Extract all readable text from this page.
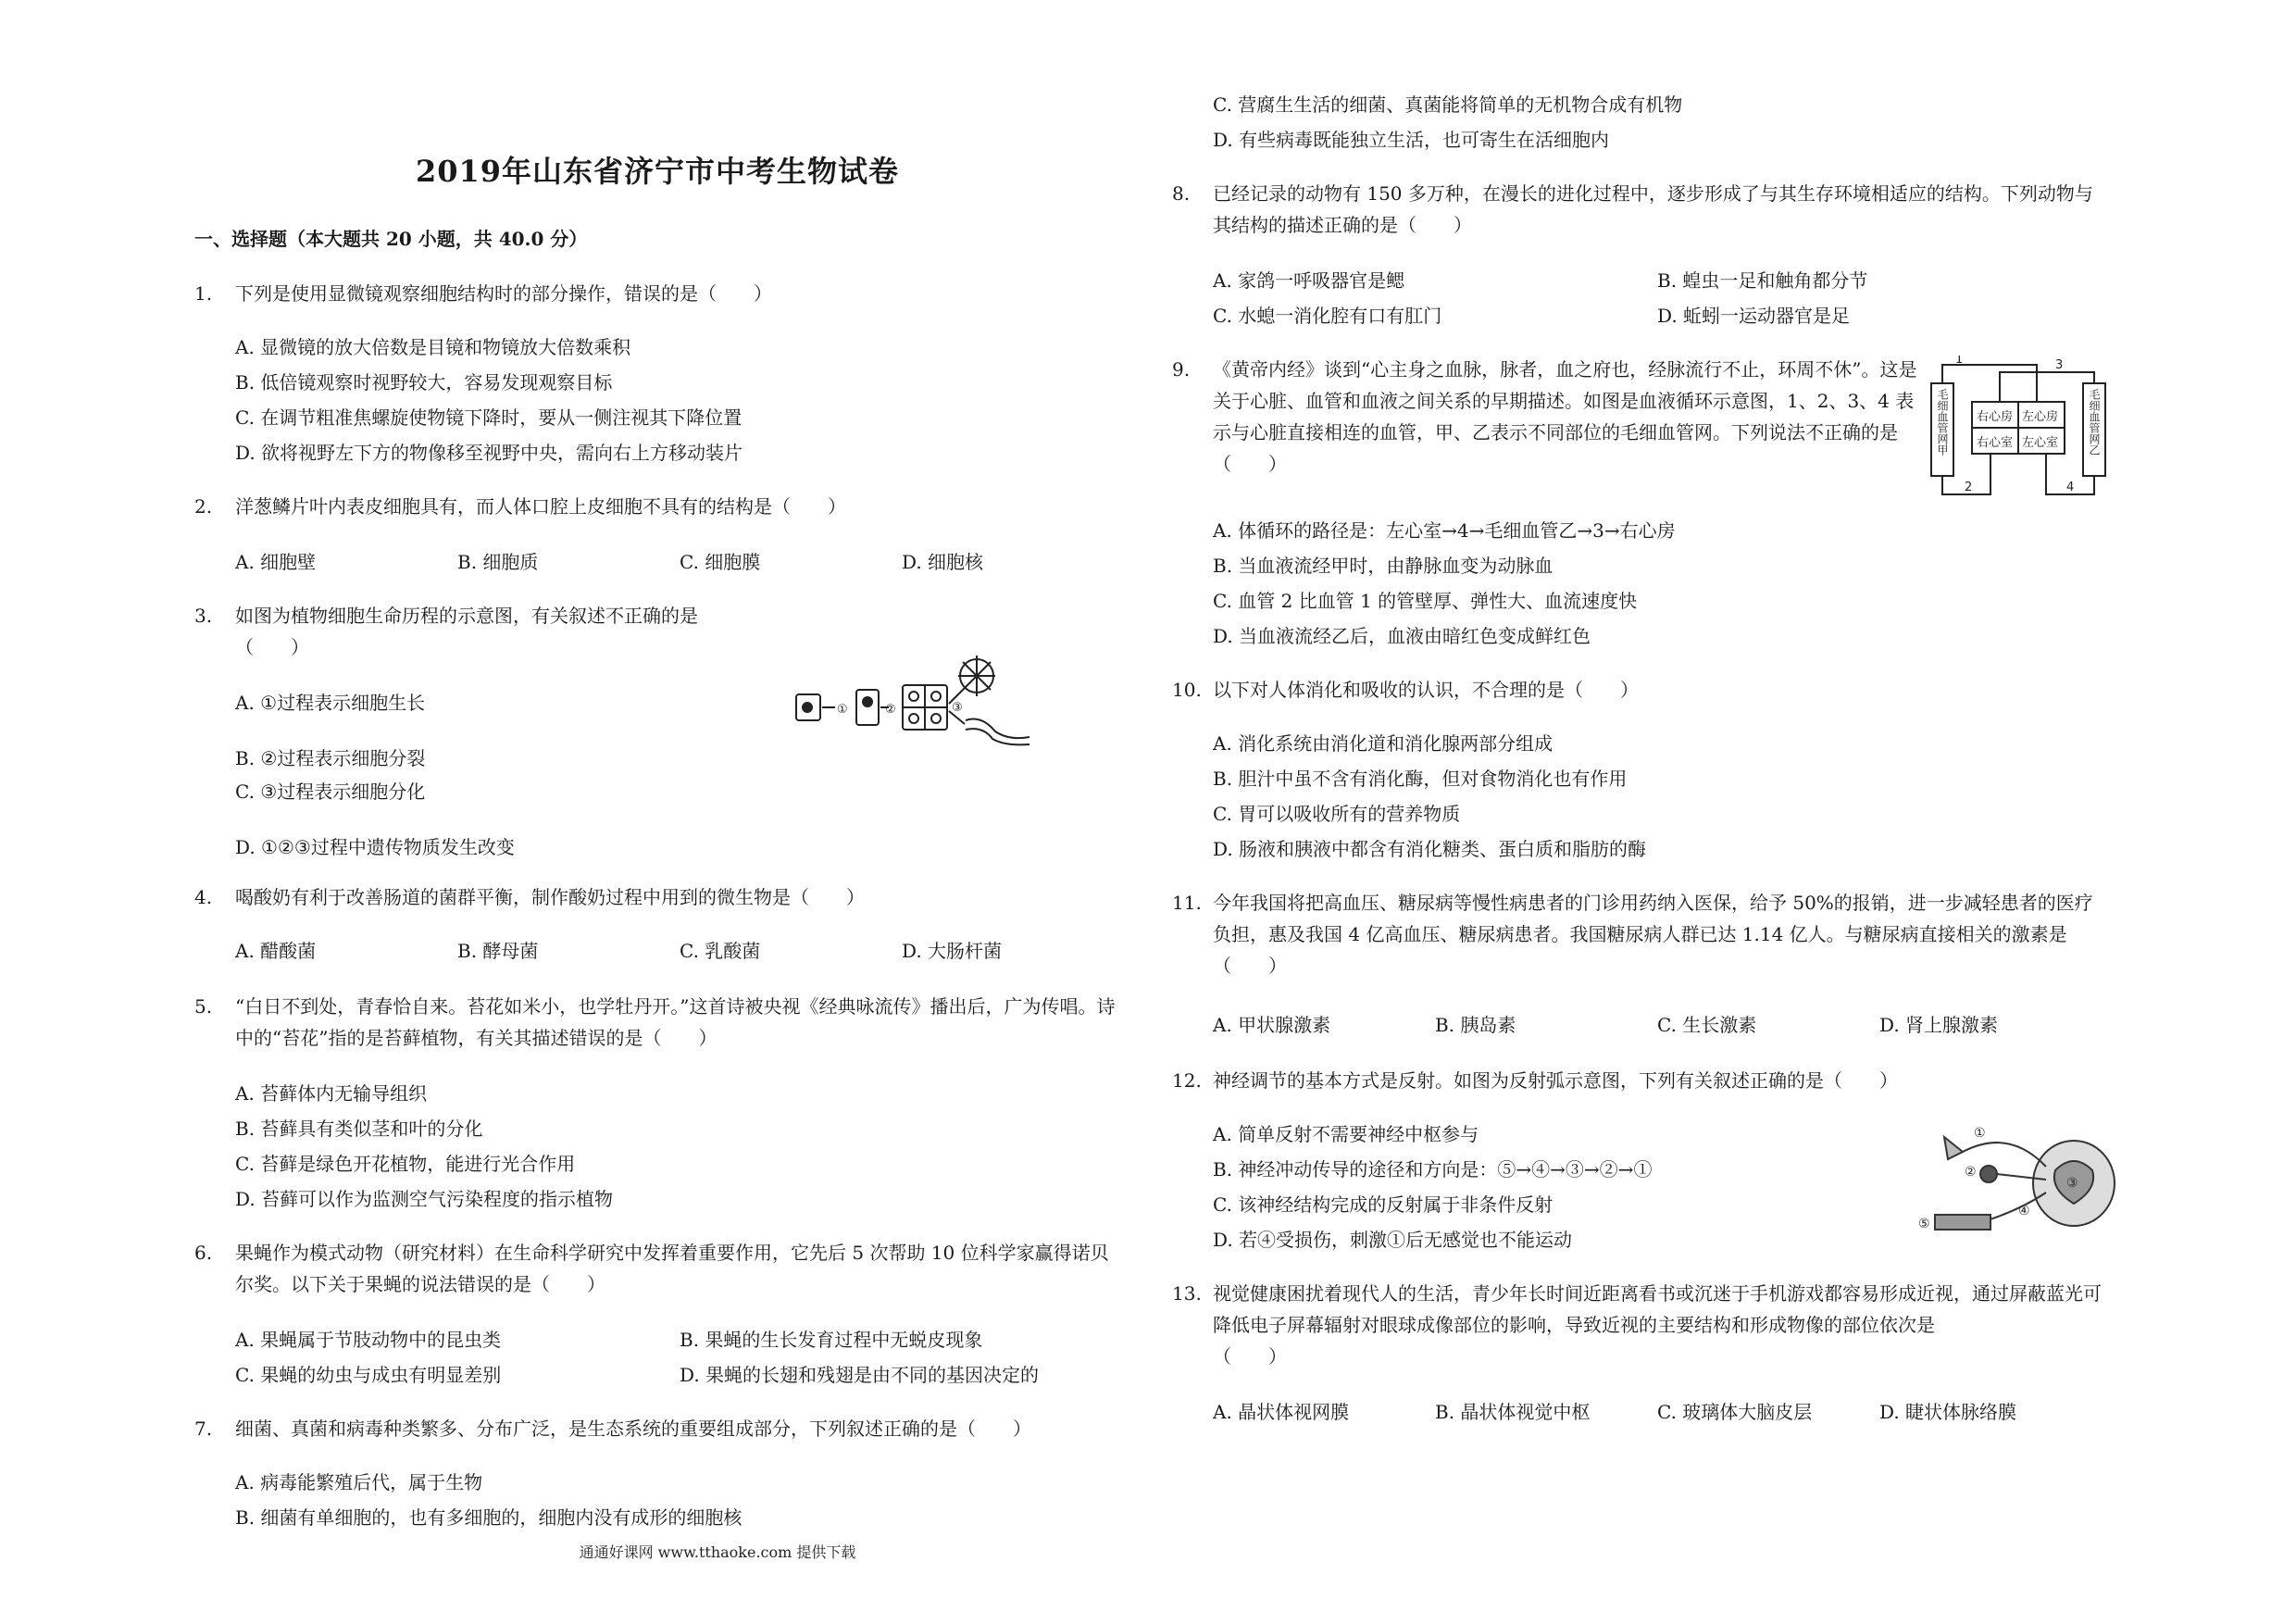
2019年山东省济宁市中考生物试卷
一、选择题（本大题共 20 小题，共 40.0 分）
1.	下列是使用显微镜观察细胞结构时的部分操作，错误的是（　　）
A. 显微镜的放大倍数是目镜和物镜放大倍数乘积
B. 低倍镜观察时视野较大，容易发现观察目标
C. 在调节粗准焦螺旋使物镜下降时，要从一侧注视其下降位置
D. 欲将视野左下方的物像移至视野中央，需向右上方移动装片
2.	洋葱鳞片叶内表皮细胞具有，而人体口腔上皮细胞不具有的结构是（　　）
A. 细胞壁	B. 细胞质	C. 细胞膜	D. 细胞核
3.	如图为植物细胞生命历程的示意图，有关叙述不正确的是
（　　）
A. ①过程表示细胞生长
B. ②过程表示细胞分裂
C. ③过程表示细胞分化
D. ①②③过程中遗传物质发生改变
①	②	③
4.	喝酸奶有利于改善肠道的菌群平衡，制作酸奶过程中用到的微生物是（　　）
A. 醋酸菌	B. 酵母菌	C. 乳酸菌	D. 大肠杆菌
5.	“白日不到处，青春恰自来。苔花如米小，也学牡丹开。”这首诗被央视《经典咏流传》播出后，广为传唱。诗中的“苔花”指的是苔藓植物，有关其描述错误的是（　　）
A. 苔藓体内无输导组织
B. 苔藓具有类似茎和叶的分化
C. 苔藓是绿色开花植物，能进行光合作用
D. 苔藓可以作为监测空气污染程度的指示植物
6.	果蝇作为模式动物（研究材料）在生命科学研究中发挥着重要作用，它先后 5 次帮助 10 位科学家赢得诺贝尔奖。以下关于果蝇的说法错误的是（　　）
A. 果蝇属于节肢动物中的昆虫类	B. 果蝇的生长发育过程中无蜕皮现象
C. 果蝇的幼虫与成虫有明显差别	D. 果蝇的长翅和残翅是由不同的基因决定的
7.	细菌、真菌和病毒种类繁多、分布广泛，是生态系统的重要组成部分，下列叙述正确的是（　　）
A. 病毒能繁殖后代，属于生物
B. 细菌有单细胞的，也有多细胞的，细胞内没有成形的细胞核
C. 营腐生生活的细菌、真菌能将简单的无机物合成有机物
D. 有些病毒既能独立生活，也可寄生在活细胞内
8.	已经记录的动物有 150 多万种，在漫长的进化过程中，逐步形成了与其生存环境相适应的结构。下列动物与其结构的描述正确的是（　　）
A. 家鸽一呼吸器官是鳃	B. 蝗虫一足和触角都分节
C. 水螅一消化腔有口有肛门	D. 蚯蚓一运动器官是足
9.	《黄帝内经》谈到“心主身之血脉，脉者，血之府也，经脉流行不止，环周不休”。这是关于心脏、血管和血液之间关系的早期描述。如图是血液循环示意图，1、2、3、4 表示与心脏直接相连的血管，甲、乙表示不同部位的毛细血管网。下列说法不正确的是（　　）
1	3
2	4
右心房 左心房
右心室 左心室
毛细血管网甲	毛细血管网乙
A. 体循环的路径是：左心室→4→毛细血管乙→3→右心房
B. 当血液流经甲时，由静脉血变为动脉血
C. 血管 2 比血管 1 的管壁厚、弹性大、血流速度快
D. 当血液流经乙后，血液由暗红色变成鲜红色
10. 以下对人体消化和吸收的认识，不合理的是（　　）
A. 消化系统由消化道和消化腺两部分组成
B. 胆汁中虽不含有消化酶，但对食物消化也有作用
C. 胃可以吸收所有的营养物质
D. 肠液和胰液中都含有消化糖类、蛋白质和脂肪的酶
11. 今年我国将把高血压、糖尿病等慢性病患者的门诊用药纳入医保，给予 50%的报销，进一步减轻患者的医疗负担，惠及我国 4 亿高血压、糖尿病患者。我国糖尿病人群已达 1.14 亿人。与糖尿病直接相关的激素是（　　）
A. 甲状腺激素	B. 胰岛素	C. 生长激素	D. 肾上腺激素
12. 神经调节的基本方式是反射。如图为反射弧示意图，下列有关叙述正确的是（　　）
A. 简单反射不需要神经中枢参与
B. 神经冲动传导的途径和方向是：⑤→④→③→②→①
C. 该神经结构完成的反射属于非条件反射
D. 若④受损伤，刺激①后无感觉也不能运动
①
②
③
④
⑤
13. 视觉健康困扰着现代人的生活，青少年长时间近距离看书或沉迷于手机游戏都容易形成近视，通过屏蔽蓝光可降低电子屏幕辐射对眼球成像部位的影响，导致近视的主要结构和形成物像的部位依次是
（　　）
A. 晶状体视网膜	B. 晶状体视觉中枢	C. 玻璃体大脑皮层	D. 睫状体脉络膜
通通好课网 www.tthaoke.com 提供下载
